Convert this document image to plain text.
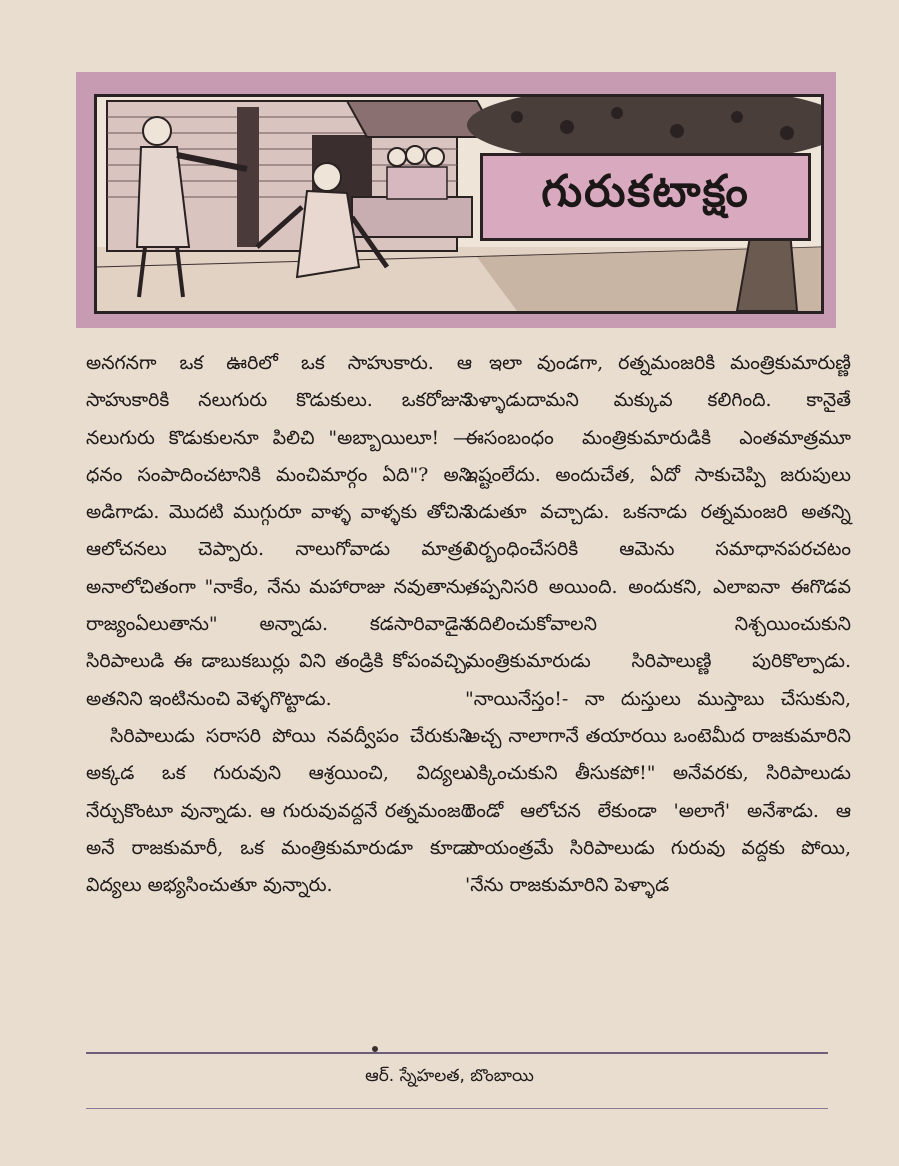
గురుకటాక్షం

అనగనగా ఒక ఊరిలో ఒక సాహుకారు. ఆ సాహుకారికి నలుగురు కొడుకులు. ఒకరోజున నలుగురు కొడుకులనూ పిలిచి "అబ్బాయిలూ! — ధనం సంపాదించటానికి మంచిమార్గం ఏది"? అని అడిగాడు. మొదటి ముగ్గురూ వాళ్ళ వాళ్ళకు తోచిన ఆలోచనలు చెప్పారు. నాలుగోవాడు మాత్రం అనాలోచితంగా "నాకేం, నేను మహారాజు నవుతాను, రాజ్యంఏలుతాను" అన్నాడు. కడసారివాడైన సిరిపాలుడి ఈ డాబుకబుర్లు విని తండ్రికి కోపంవచ్చి, అతనిని ఇంటినుంచి వెళ్ళగొట్టాడు.

సిరిపాలుడు సరాసరి పోయి నవద్వీపం చేరుకుని అక్కడ ఒక గురువుని ఆశ్రయించి, విద్యలు నేర్చుకొంటూ వున్నాడు. ఆ గురువువద్దనే రత్నమంజరి అనే రాజకుమారీ, ఒక మంత్రికుమారుడూ కూడా విద్యలు అభ్యసించుతూ వున్నారు.

ఇలా వుండగా, రత్నమంజరికి మంత్రికుమారుణ్ణి పెళ్ళాడుదామని మక్కువ కలిగింది. కానైతే ఈసంబంధం మంత్రికుమారుడికి ఎంతమాత్రమూ ఇష్టంలేదు. అందుచేత, ఏదో సాకుచెప్పి జరుపులు పెడుతూ వచ్చాడు. ఒకనాడు రత్నమంజరి అతన్ని నిర్బంధించేసరికి ఆమెను సమాధానపరచటం తప్పనిసరి అయింది. అందుకని, ఎలాఐనా ఈగొడవ వదిలించుకోవాలని నిశ్చయించుకుని మంత్రికుమారుడు సిరిపాలుణ్ణి పురికొల్పాడు. "నాయినేస్తం!- నా దుస్తులు ముస్తాబు చేసుకుని, అచ్చ నాలాగానే తయారయి ఒంటెమీద రాజకుమారిని ఎక్కించుకుని తీసుకపో!" అనేవరకు, సిరిపాలుడు రెండో ఆలోచన లేకుండా 'అలాగే' అనేశాడు. ఆ పాయంత్రమే సిరిపాలుడు గురువు వద్దకు పోయి, 'నేను రాజకుమారిని పెళ్ళాడ

ఆర్. స్నేహలత, బొంబాయి
